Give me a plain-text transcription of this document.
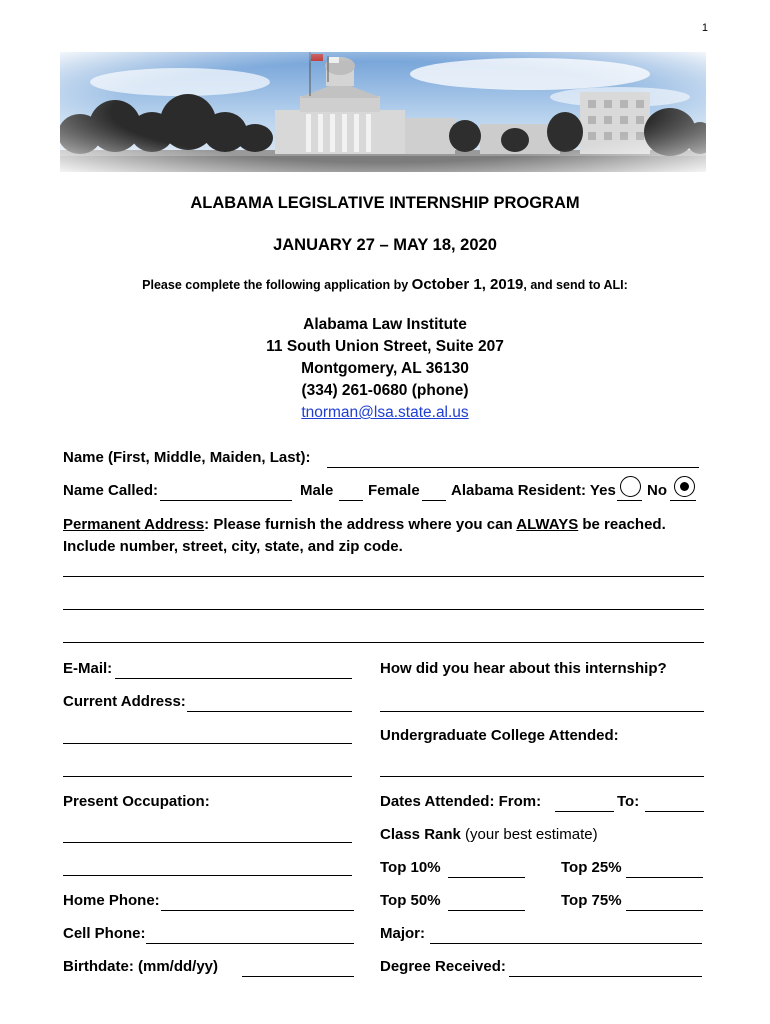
1
ALABAMA LEGISLATIVE INTERNSHIP PROGRAM
JANUARY 27 – MAY 18, 2020
Please complete the following application by October 1, 2019, and send to ALI:
Alabama Law Institute
11 South Union Street, Suite 207
Montgomery, AL 36130
(334) 261-0680 (phone)
tnorman@lsa.state.al.us
Name (First, Middle, Maiden, Last):
Name Called:	Male Female Alabama Resident: Yes No
Permanent Address: Please furnish the address where you can ALWAYS be reached.
Include number, street, city, state, and zip code.
E-Mail:
Current Address:
Present Occupation:
Home Phone:
Cell Phone:
Birthdate: (mm/dd/yy)
How did you hear about this internship?
Undergraduate College Attended:
Dates Attended: From:	To:
Class Rank (your best estimate)
Top 10%	Top 25%
Top 50%	Top 75%
Major:
Degree Received:
